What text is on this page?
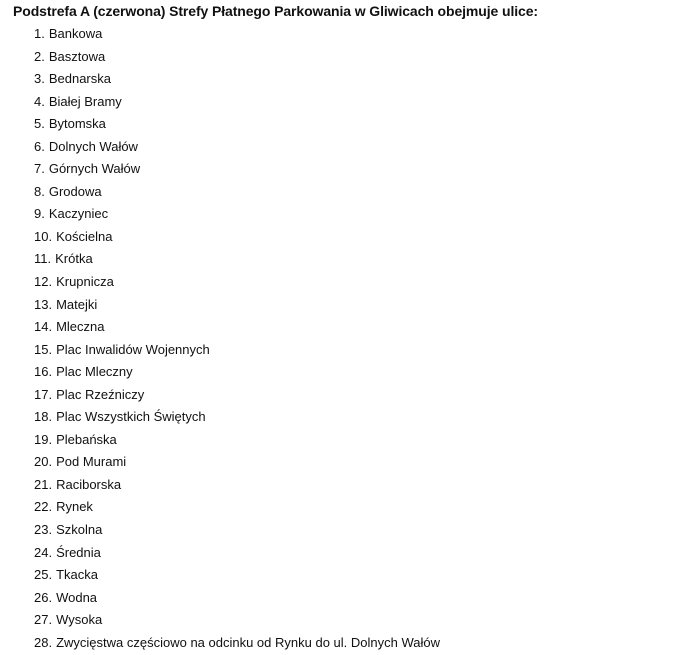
Podstrefa A (czerwona) Strefy Płatnego Parkowania w Gliwicach obejmuje ulice:
1. Bankowa
2. Basztowa
3. Bednarska
4. Białej Bramy
5. Bytomska
6. Dolnych Wałów
7. Górnych Wałów
8. Grodowa
9. Kaczyniec
10. Kościelna
11. Krótka
12. Krupnicza
13. Matejki
14. Mleczna
15. Plac Inwalidów Wojennych
16. Plac Mleczny
17. Plac Rzeźniczy
18. Plac Wszystkich Świętych
19. Plebańska
20. Pod Murami
21. Raciborska
22. Rynek
23. Szkolna
24. Średnia
25. Tkacka
26. Wodna
27. Wysoka
28. Zwycięstwa częściowo na odcinku od Rynku do ul. Dolnych Wałów
